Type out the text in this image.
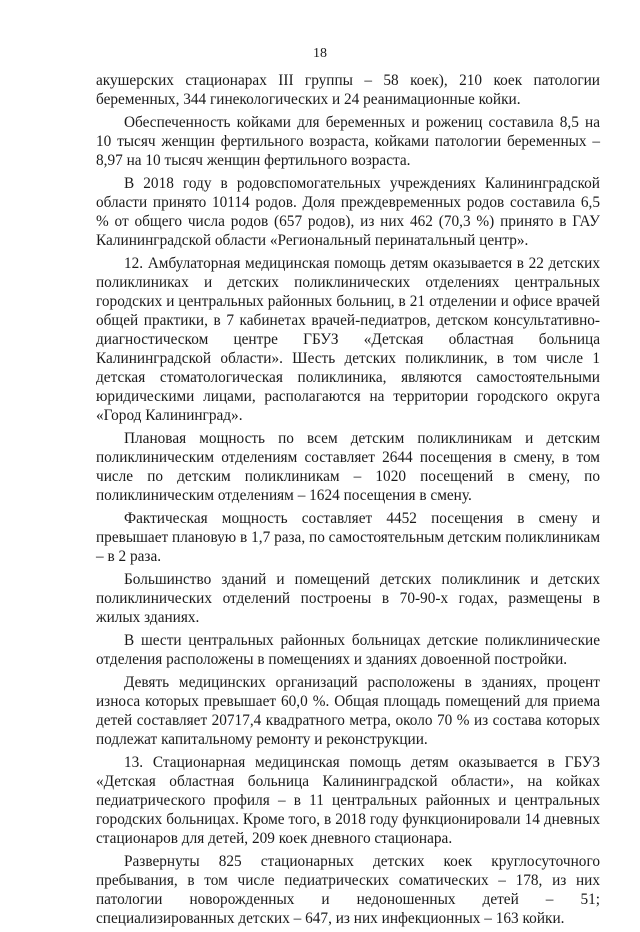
18

акушерских стационарах III группы – 58 коек), 210 коек патологии беременных, 344 гинекологических и 24 реанимационные койки.

Обеспеченность койками для беременных и рожениц составила 8,5 на 10 тысяч женщин фертильного возраста, койками патологии беременных – 8,97 на 10 тысяч женщин фертильного возраста.

В 2018 году в родовспомогательных учреждениях Калининградской области принято 10114 родов. Доля преждевременных родов составила 6,5 % от общего числа родов (657 родов), из них 462 (70,3 %) принято в ГАУ Калининградской области «Региональный перинатальный центр».

12. Амбулаторная медицинская помощь детям оказывается в 22 детских поликлиниках и детских поликлинических отделениях центральных городских и центральных районных больниц, в 21 отделении и офисе врачей общей практики, в 7 кабинетах врачей-педиатров, детском консультативно-диагностическом центре ГБУЗ «Детская областная больница Калининградской области». Шесть детских поликлиник, в том числе 1 детская стоматологическая поликлиника, являются самостоятельными юридическими лицами, располагаются на территории городского округа «Город Калининград».

Плановая мощность по всем детским поликлиникам и детским поликлиническим отделениям составляет 2644 посещения в смену, в том числе по детским поликлиникам – 1020 посещений в смену, по поликлиническим отделениям – 1624 посещения в смену.

Фактическая мощность составляет 4452 посещения в смену и превышает плановую в 1,7 раза, по самостоятельным детским поликлиникам – в 2 раза.

Большинство зданий и помещений детских поликлиник и детских поликлинических отделений построены в 70-90-х годах, размещены в жилых зданиях.

В шести центральных районных больницах детские поликлинические отделения расположены в помещениях и зданиях довоенной постройки.

Девять медицинских организаций расположены в зданиях, процент износа которых превышает 60,0 %. Общая площадь помещений для приема детей составляет 20717,4 квадратного метра, около 70 % из состава которых подлежат капитальному ремонту и реконструкции.

13. Стационарная медицинская помощь детям оказывается в ГБУЗ «Детская областная больница Калининградской области», на койках педиатрического профиля – в 11 центральных районных и центральных городских больницах. Кроме того, в 2018 году функционировали 14 дневных стационаров для детей, 209 коек дневного стационара.

Развернуты 825 стационарных детских коек круглосуточного пребывания, в том числе педиатрических соматических – 178, из них патологии новорожденных и недоношенных детей – 51; специализированных детских – 647, из них инфекционных – 163 койки.
